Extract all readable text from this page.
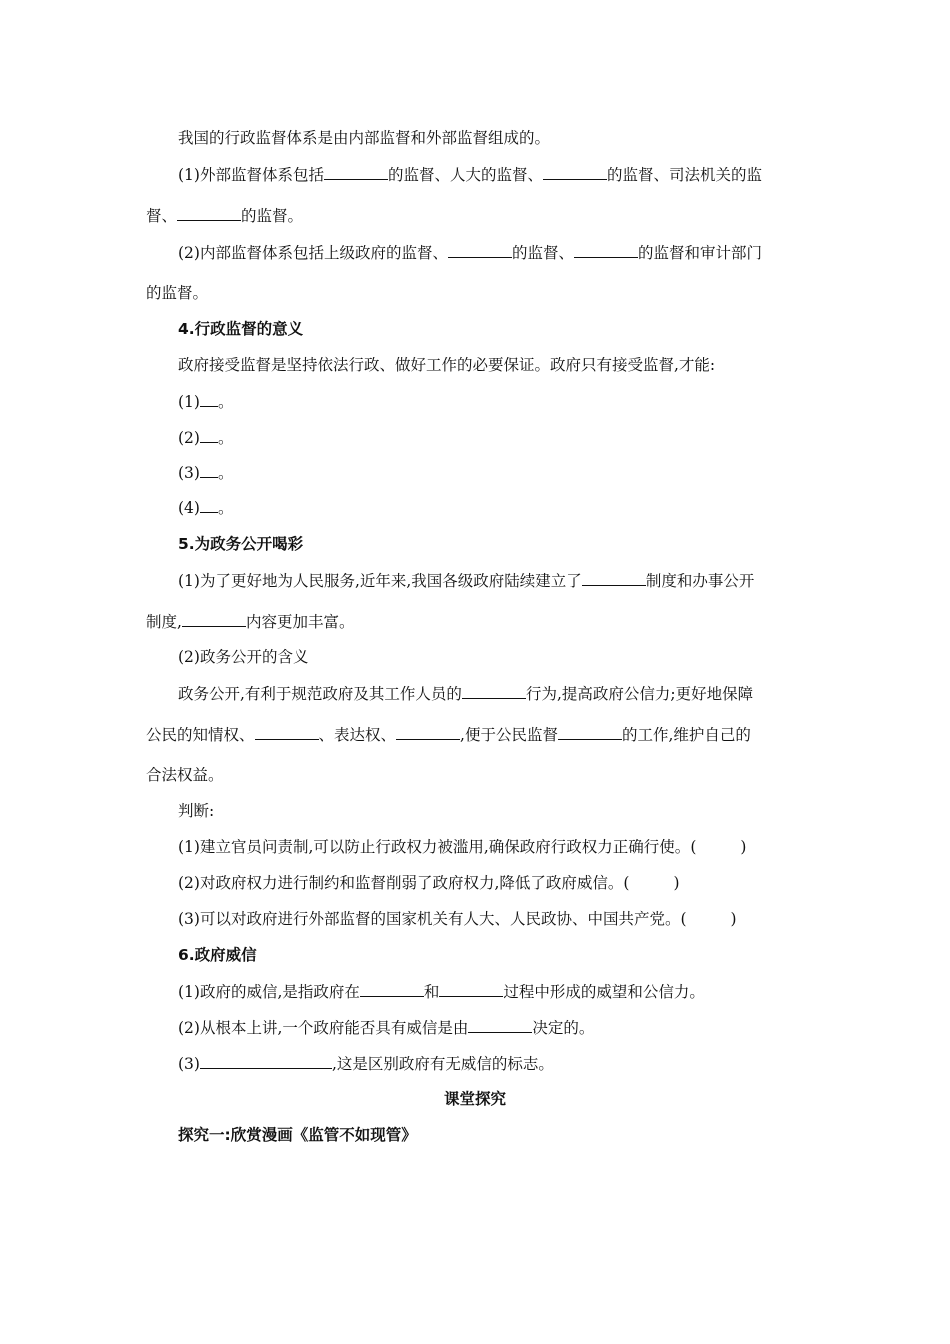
我国的行政监督体系是由内部监督和外部监督组成的。
(1)外部监督体系包括	的监督、人大的监督、	的监督、司法机关的监
督、	的监督。
(2)内部监督体系包括上级政府的监督、	的监督、	的监督和审计部门
的监督。
4.行政监督的意义
政府接受监督是坚持依法行政、做好工作的必要保证。政府只有接受监督,才能:
(1) 。
(2) 。
(3) 。
(4) 。
5.为政务公开喝彩
(1)为了更好地为人民服务,近年来,我国各级政府陆续建立了	制度和办事公开
制度,	内容更加丰富。
(2)政务公开的含义
政务公开,有利于规范政府及其工作人员的	行为,提高政府公信力;更好地保障
公民的知情权、	、表达权、	,便于公民监督	的工作,维护自己的
合法权益。
判断:
(1)建立官员问责制,可以防止行政权力被滥用,确保政府行政权力正确行使。(	)
(2)对政府权力进行制约和监督削弱了政府权力,降低了政府威信。(	)
(3)可以对政府进行外部监督的国家机关有人大、人民政协、中国共产党。(	)
6.政府威信
(1)政府的威信,是指政府在	和	过程中形成的威望和公信力。
(2)从根本上讲,一个政府能否具有威信是由	决定的。
(3)	,这是区别政府有无威信的标志。
课堂探究
探究一:欣赏漫画《监管不如现管》
